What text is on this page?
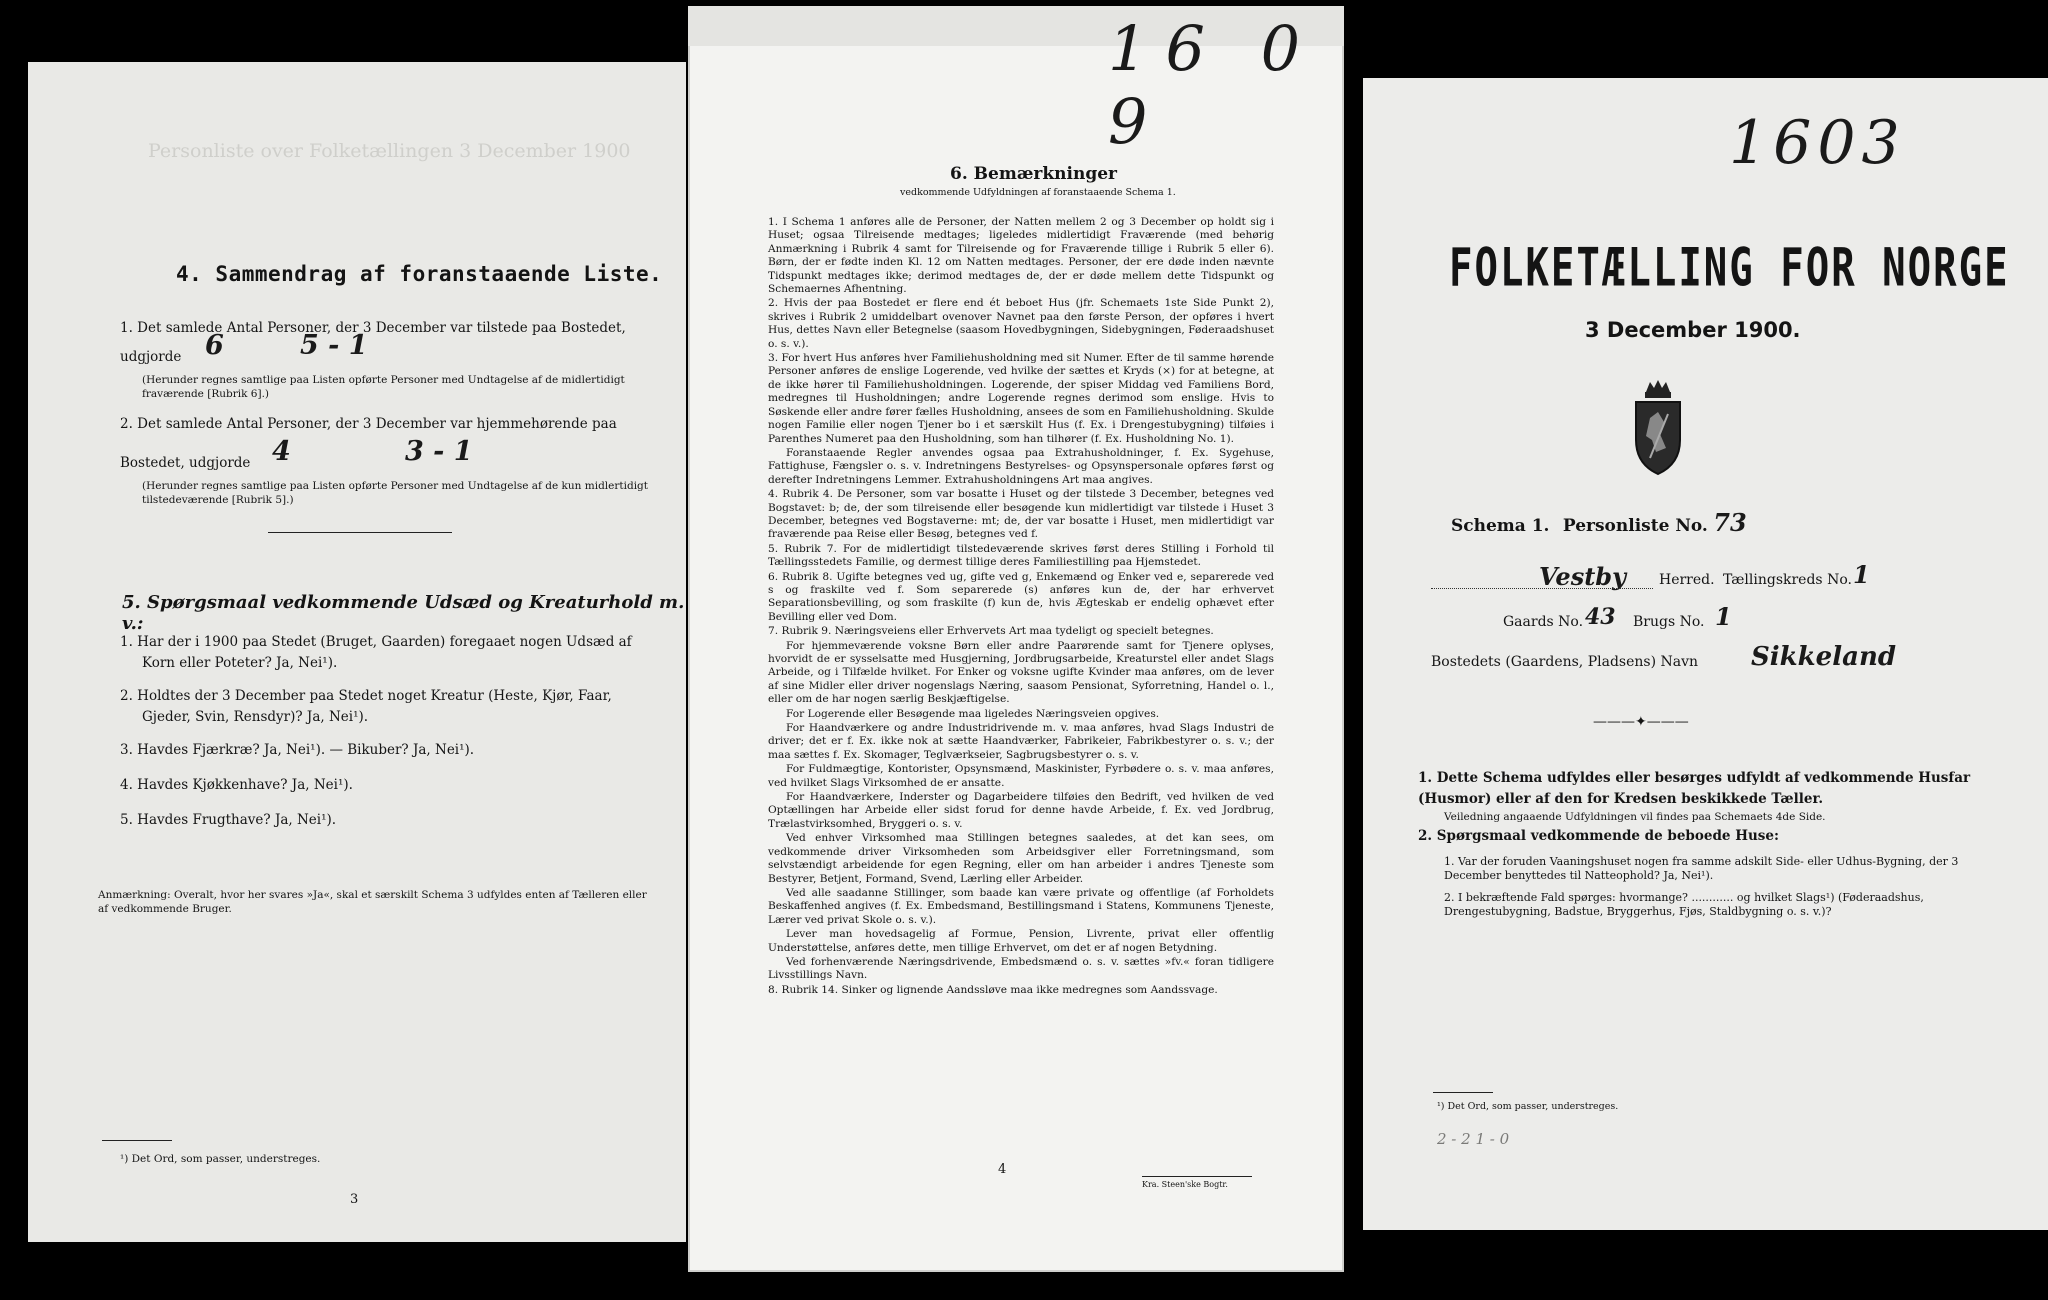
Personliste over Folketællingen 3 December 1900
4. Sammendrag af foranstaaende Liste.
1. Det samlede Antal Personer, der 3 December var tilstede paa Bostedet,
udgjorde 6	5 - 1
(Herunder regnes samtlige paa Listen opførte Personer med Undtagelse af de midlertidigt fraværende [Rubrik 6].)
2. Det samlede Antal Personer, der 3 December var hjemmehørende paa
Bostedet, udgjorde 4	3 - 1
(Herunder regnes samtlige paa Listen opførte Personer med Undtagelse af de kun midlertidigt tilstedeværende [Rubrik 5].)
5. Spørgsmaal vedkommende Udsæd og Kreaturhold m. v.:
1. Har der i 1900 paa Stedet (Bruget, Gaarden) foregaaet nogen Udsæd af
Korn eller Poteter? Ja, Nei¹).
2. Holdtes der 3 December paa Stedet noget Kreatur (Heste, Kjør, Faar,
Gjeder, Svin, Rensdyr)? Ja, Nei¹).
3. Havdes Fjærkræ? Ja, Nei¹). — Bikuber? Ja, Nei¹).
4. Havdes Kjøkkenhave? Ja, Nei¹).
5. Havdes Frugthave? Ja, Nei¹).
Anmærkning: Overalt, hvor her svares »Ja«, skal et særskilt Schema 3 udfyldes enten af Tælleren eller af vedkommende Bruger.
¹) Det Ord, som passer, understreges.
3
16 0 9
6. Bemærkninger
vedkommende Udfyldningen af foranstaaende Schema 1.

1. I Schema 1 anføres alle de Personer, der Natten mellem 2 og 3 December op holdt sig i Huset; ogsaa Tilreisende medtages; ligeledes midlertidigt Fraværende (med behørig Anmærkning i Rubrik 4 samt for Tilreisende og for Fraværende tillige i Rubrik 5 eller 6). Børn, der er fødte inden Kl. 12 om Natten medtages. Personer, der ere døde inden nævnte Tidspunkt medtages ikke; derimod medtages de, der er døde mellem dette Tidspunkt og Schemaernes Afhentning.

2. Hvis der paa Bostedet er flere end ét beboet Hus (jfr. Schemaets 1ste Side Punkt 2), skrives i Rubrik 2 umiddelbart ovenover Navnet paa den første Person, der opføres i hvert Hus, dettes Navn eller Betegnelse (saasom Hovedbygningen, Sidebygningen, Føderaadshuset o. s. v.).

3. For hvert Hus anføres hver Familiehusholdning med sit Numer. Efter de til samme hørende Personer anføres de enslige Logerende, ved hvilke der sættes et Kryds (×) for at betegne, at de ikke hører til Familiehusholdningen. Logerende, der spiser Middag ved Familiens Bord, medregnes til Husholdningen; andre Logerende regnes derimod som enslige. Hvis to Søskende eller andre fører fælles Husholdning, ansees de som en Familiehusholdning. Skulde nogen Familie eller nogen Tjener bo i et særskilt Hus (f. Ex. i Drengestubygning) tilføies i Parenthes Numeret paa den Husholdning, som han tilhører (f. Ex. Husholdning No. 1).

Foranstaaende Regler anvendes ogsaa paa Extrahusholdninger, f. Ex. Sygehuse, Fattighuse, Fængsler o. s. v. Indretningens Bestyrelses- og Opsynspersonale opføres først og derefter Indretningens Lemmer. Extrahusholdningens Art maa angives.

4. Rubrik 4. De Personer, som var bosatte i Huset og der tilstede 3 December, betegnes ved Bogstavet: b; de, der som tilreisende eller besøgende kun midlertidigt var tilstede i Huset 3 December, betegnes ved Bogstaverne: mt; de, der var bosatte i Huset, men midlertidigt var fraværende paa Reise eller Besøg, betegnes ved f.

5. Rubrik 7. For de midlertidigt tilstedeværende skrives først deres Stilling i Forhold til Tællingsstedets Familie, og dermest tillige deres Familiestilling paa Hjemstedet.

6. Rubrik 8. Ugifte betegnes ved ug, gifte ved g, Enkemænd og Enker ved e, separerede ved s og fraskilte ved f. Som separerede (s) anføres kun de, der har erhvervet Separationsbevilling, og som fraskilte (f) kun de, hvis Ægteskab er endelig ophævet efter Bevilling eller ved Dom.

7. Rubrik 9. Næringsveiens eller Erhvervets Art maa tydeligt og specielt betegnes.

For hjemmeværende voksne Børn eller andre Paarørende samt for Tjenere oplyses, hvorvidt de er sysselsatte med Husgjerning, Jordbrugsarbeide, Kreaturstel eller andet Slags Arbeide, og i Tilfælde hvilket. For Enker og voksne ugifte Kvinder maa anføres, om de lever af sine Midler eller driver nogenslags Næring, saasom Pensionat, Syforretning, Handel o. l., eller om de har nogen særlig Beskjæftigelse.

For Logerende eller Besøgende maa ligeledes Næringsveien opgives.

For Haandværkere og andre Industridrivende m. v. maa anføres, hvad Slags Industri de driver; det er f. Ex. ikke nok at sætte Haandværker, Fabrikeier, Fabrikbestyrer o. s. v.; der maa sættes f. Ex. Skomager, Teglværkseier, Sagbrugsbestyrer o. s. v.

For Fuldmægtige, Kontorister, Opsynsmænd, Maskinister, Fyrbødere o. s. v. maa anføres, ved hvilket Slags Virksomhed de er ansatte.

For Haandværkere, Inderster og Dagarbeidere tilføies den Bedrift, ved hvilken de ved Optællingen har Arbeide eller sidst forud for denne havde Arbeide, f. Ex. ved Jordbrug, Trælastvirksomhed, Bryggeri o. s. v.

Ved enhver Virksomhed maa Stillingen betegnes saaledes, at det kan sees, om vedkommende driver Virksomheden som Arbeidsgiver eller Forretningsmand, som selvstændigt arbeidende for egen Regning, eller om han arbeider i andres Tjeneste som Bestyrer, Betjent, Formand, Svend, Lærling eller Arbeider.

Ved alle saadanne Stillinger, som baade kan være private og offentlige (af Forholdets Beskaffenhed angives (f. Ex. Embedsmand, Bestillingsmand i Statens, Kommunens Tjeneste, Lærer ved privat Skole o. s. v.).

Lever man hovedsagelig af Formue, Pension, Livrente, privat eller offentlig Understøttelse, anføres dette, men tillige Erhvervet, om det er af nogen Betydning.

Ved forhenværende Næringsdrivende, Embedsmænd o. s. v. sættes »fv.« foran tidligere Livsstillings Navn.

8. Rubrik 14. Sinker og lignende Aandssløve maa ikke medregnes som Aandssvage.

4
Kra. Steen'ske Bogtr.
1603
FOLKETÆLLING FOR NORGE
3 December 1900.
Schema 1. Personliste No. 73
Vestby Herred. Tællingskreds No. 1
Gaards No. 43 Brugs No. 1
Bostedets (Gaardens, Pladsens) Navn Sikkeland
———✦———
1. Dette Schema udfyldes eller besørges udfyldt af vedkommende Husfar (Husmor) eller af den for Kredsen beskikkede Tæller.
Veiledning angaaende Udfyldningen vil findes paa Schemaets 4de Side.
2. Spørgsmaal vedkommende de beboede Huse:
1. Var der foruden Vaaningshuset nogen fra samme adskilt Side- eller Udhus-Bygning, der 3 December benyttedes til Natteophold? Ja, Nei¹).
2. I bekræftende Fald spørges: hvormange? ............ og hvilket Slags¹) (Føderaadshus, Drengestubygning, Badstue, Bryggerhus, Fjøs, Staldbygning o. s. v.)?
¹) Det Ord, som passer, understreges.
2 - 2 1 - 0
